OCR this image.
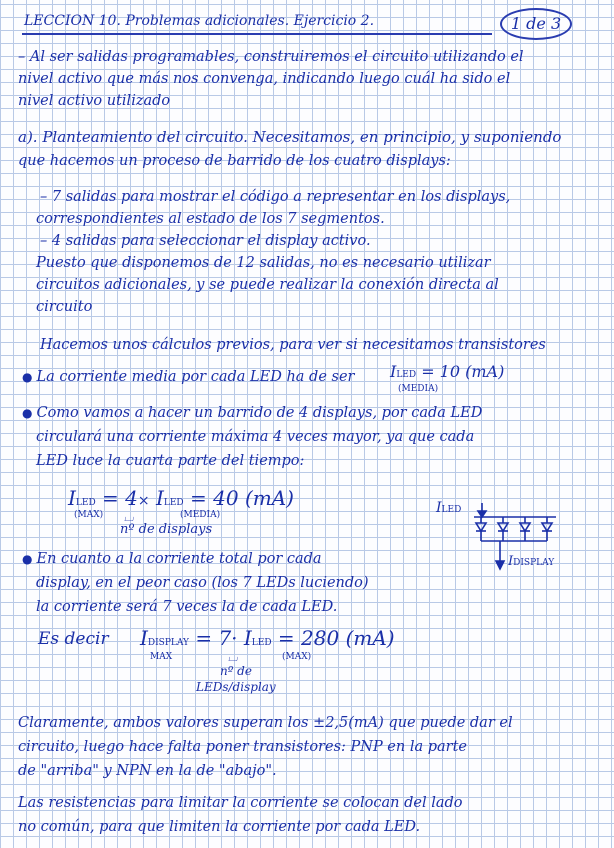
LECCION 10. Problemas adicionales. Ejercicio 2.	1 de 3
– Al ser salidas programables, construiremos el circuito utilizando el
nivel activo que más nos convenga, indicando luego cuál ha sido el
nivel activo utilizado
a). Planteamiento del circuito. Necesitamos, en principio, y suponiendo
que hacemos un proceso de barrido de los cuatro displays:
– 7 salidas para mostrar el código a representar en los displays,
correspondientes al estado de los 7 segmentos.
– 4 salidas para seleccionar el display activo.
Puesto que disponemos de 12 salidas, no es necesario utilizar
circuitos adicionales, y se puede realizar la conexión directa al
circuito
Hacemos unos cálculos previos, para ver si necesitamos transistores
● La corriente media por cada LED ha de ser ILED = 10 (mA)
(MEDIA)
● Como vamos a hacer un barrido de 4 displays, por cada LED
circulará una corriente máxima 4 veces mayor, ya que cada
LED luce la cuarta parte del tiempo:
ILED = 4× ILED = 40 (mA)
(MAX)	(MEDIA)
⌴
nº de displays
ILED
IDISPLAY
● En cuanto a la corriente total por cada
display, en el peor caso (los 7 LEDs luciendo)
la corriente será 7 veces la de cada LED.
Es decir IDISPLAY = 7· ILED = 280 (mA)
MAX	(MAX)
⌴
nº de
LEDs/display
Claramente, ambos valores superan los ±2,5(mA) que puede dar el
circuito, luego hace falta poner transistores: PNP en la parte
de "arriba" y NPN en la de "abajo".
Las resistencias para limitar la corriente se colocan del lado
no común, para que limiten la corriente por cada LED.
